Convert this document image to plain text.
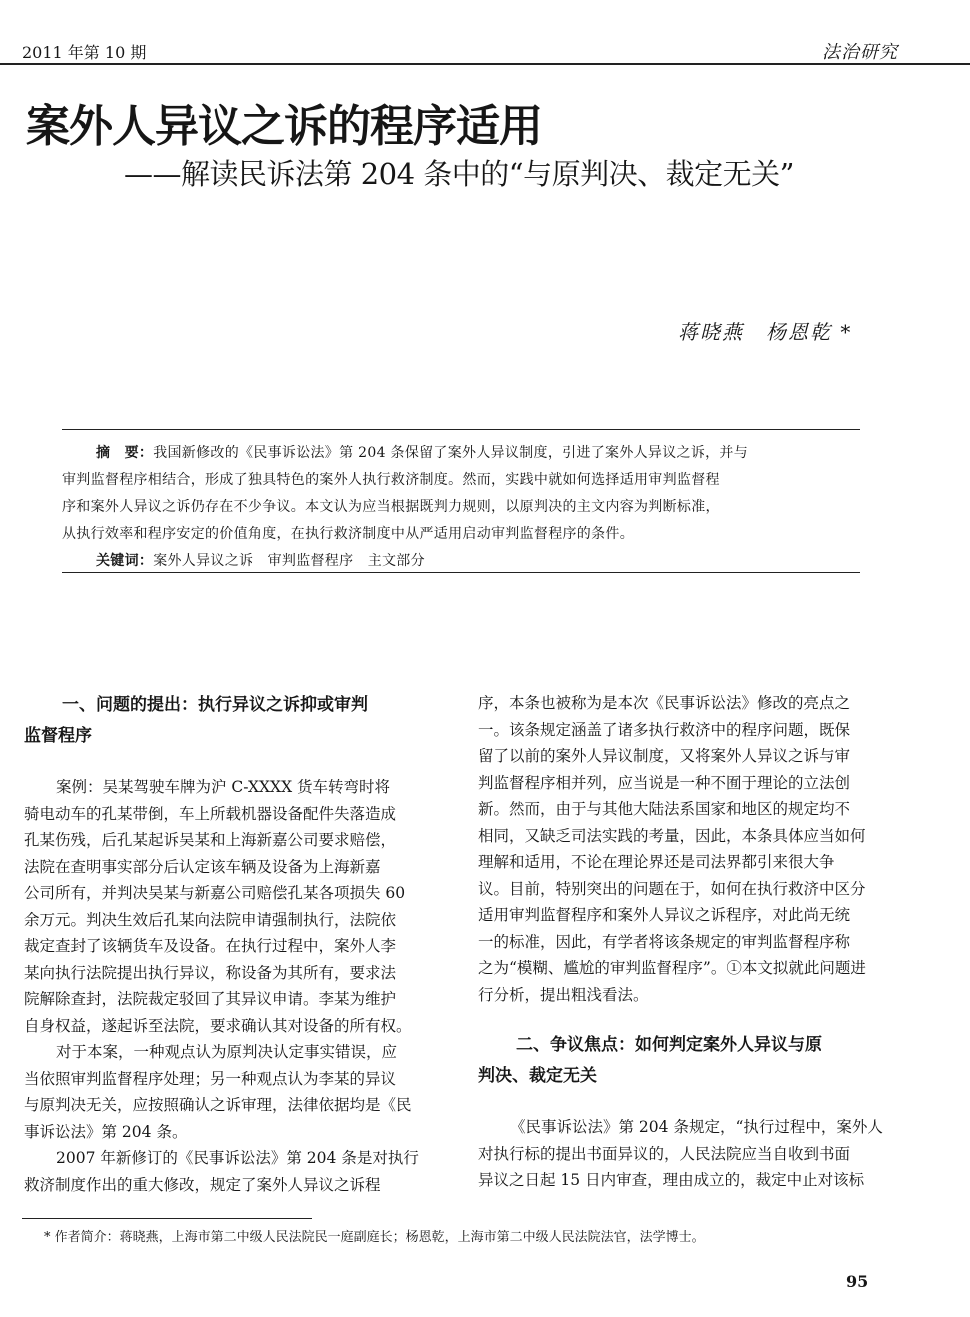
2011 年第 10 期	法治研究
案外人异议之诉的程序适用
——解读民诉法第 204 条中的“与原判决、裁定无关”
蒋晓燕　杨恩乾 *
摘　要：我国新修改的《民事诉讼法》第 204 条保留了案外人异议制度，引进了案外人异议之诉，并与
审判监督程序相结合，形成了独具特色的案外人执行救济制度。然而，实践中就如何选择适用审判监督程
序和案外人异议之诉仍存在不少争议。本文认为应当根据既判力规则，以原判决的主文内容为判断标准，
从执行效率和程序安定的价值角度，在执行救济制度中从严适用启动审判监督程序的条件。
关键词：案外人异议之诉　审判监督程序　主文部分
一、问题的提出：执行异议之诉抑或审判
监督程序
案例：吴某驾驶车牌为沪 C-XXXX 货车转弯时将
骑电动车的孔某带倒，车上所载机器设备配件失落造成
孔某伤残，后孔某起诉吴某和上海新嘉公司要求赔偿，
法院在查明事实部分后认定该车辆及设备为上海新嘉
公司所有，并判决吴某与新嘉公司赔偿孔某各项损失 60
余万元。判决生效后孔某向法院申请强制执行，法院依
裁定查封了该辆货车及设备。在执行过程中，案外人李
某向执行法院提出执行异议，称设备为其所有，要求法
院解除查封，法院裁定驳回了其异议申请。李某为维护
自身权益，遂起诉至法院，要求确认其对设备的所有权。
对于本案，一种观点认为原判决认定事实错误，应
当依照审判监督程序处理；另一种观点认为李某的异议
与原判决无关，应按照确认之诉审理，法律依据均是《民
事诉讼法》第 204 条。
2007 年新修订的《民事诉讼法》第 204 条是对执行
救济制度作出的重大修改，规定了案外人异议之诉程
序，本条也被称为是本次《民事诉讼法》修改的亮点之
一。该条规定涵盖了诸多执行救济中的程序问题，既保
留了以前的案外人异议制度，又将案外人异议之诉与审
判监督程序相并列，应当说是一种不囿于理论的立法创
新。然而，由于与其他大陆法系国家和地区的规定均不
相同，又缺乏司法实践的考量，因此，本条具体应当如何
理解和适用，不论在理论界还是司法界都引来很大争
议。目前，特别突出的问题在于，如何在执行救济中区分
适用审判监督程序和案外人异议之诉程序，对此尚无统
一的标准，因此，有学者将该条规定的审判监督程序称
之为“模糊、尴尬的审判监督程序”。①本文拟就此问题进
行分析，提出粗浅看法。
二、争议焦点：如何判定案外人异议与原
判决、裁定无关
《民事诉讼法》第 204 条规定，“执行过程中，案外人
对执行标的提出书面异议的，人民法院应当自收到书面
异议之日起 15 日内审查，理由成立的，裁定中止对该标
* 作者简介：蒋晓燕，上海市第二中级人民法院民一庭副庭长；杨恩乾，上海市第二中级人民法院法官，法学博士。
95
